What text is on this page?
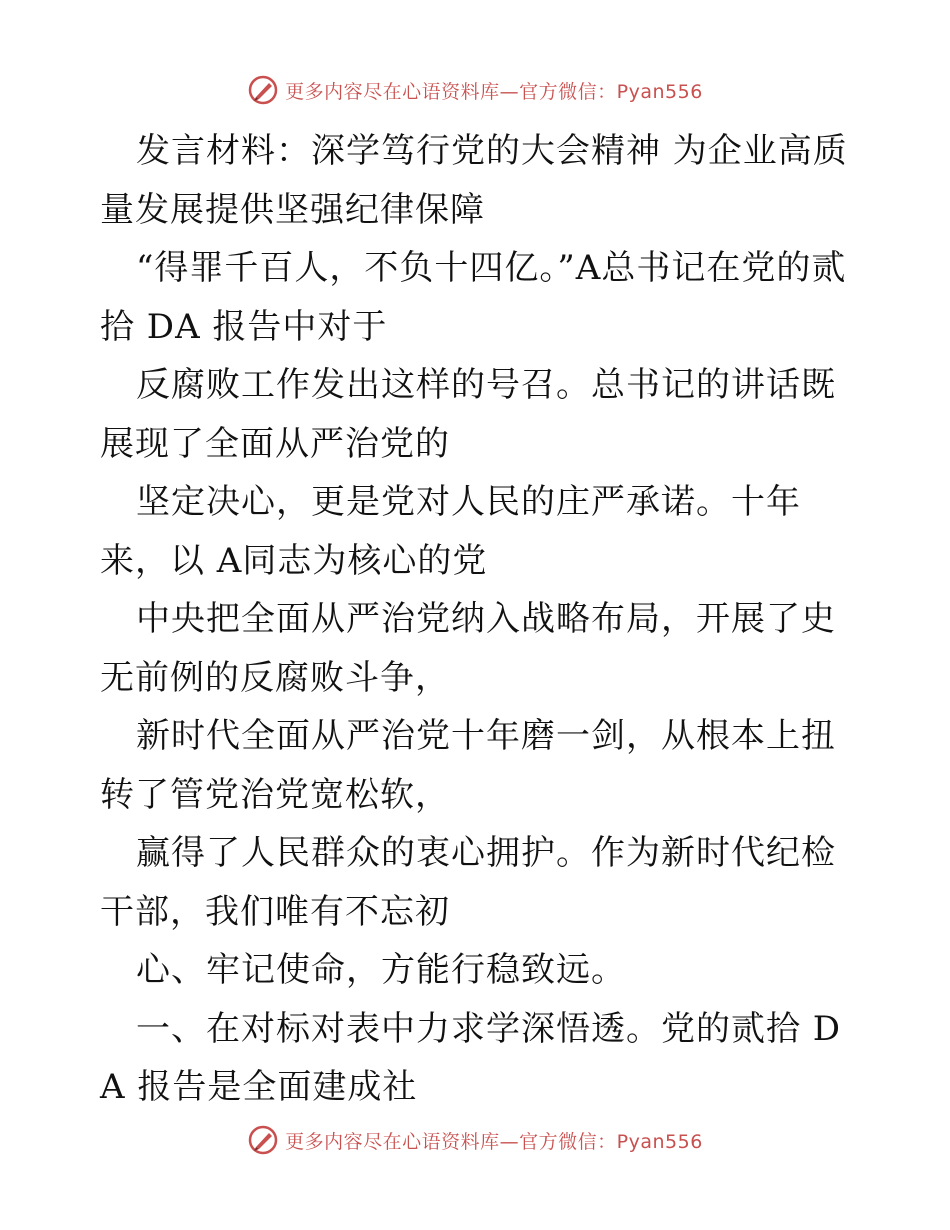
更多内容尽在心语资料库—官方微信：Pyan556

发言材料：深学笃行党的大会精神 为企业高质量发展提供坚强纪律保障

“得罪千百人，不负十四亿。”A总书记在党的贰拾 DA 报告中对于

反腐败工作发出这样的号召。总书记的讲话既展现了全面从严治党的

坚定决心，更是党对人民的庄严承诺。十年来，以 A同志为核心的党

中央把全面从严治党纳入战略布局，开展了史无前例的反腐败斗争，

新时代全面从严治党十年磨一剑，从根本上扭转了管党治党宽松软，

赢得了人民群众的衷心拥护。作为新时代纪检干部，我们唯有不忘初

心、牢记使命，方能行稳致远。

一、在对标对表中力求学深悟透。党的贰拾 DA 报告是全面建成社

更多内容尽在心语资料库—官方微信：Pyan556
